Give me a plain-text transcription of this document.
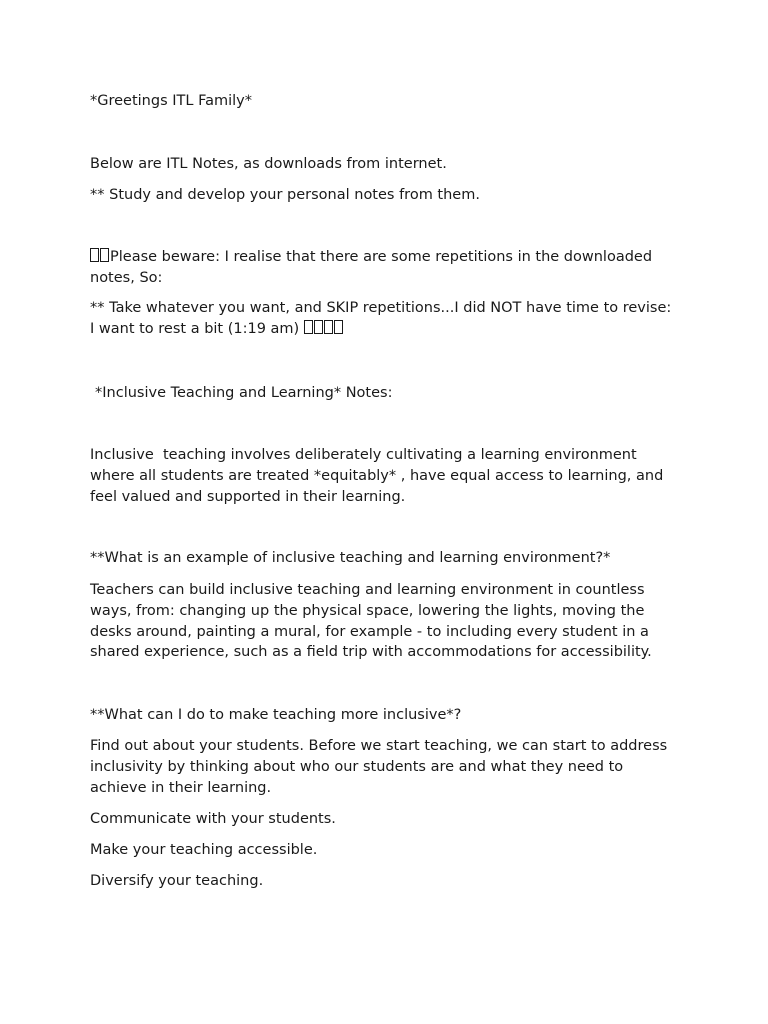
*Greetings ITL Family*

Below are ITL Notes, as downloads from internet.

** Study and develop your personal notes from them.

Please beware: I realise that there are some repetitions in the downloaded notes, So:

** Take whatever you want, and SKIP repetitions...I did NOT have time to revise: I want to rest a bit (1:19 am)

*Inclusive Teaching and Learning* Notes:

Inclusive  teaching involves deliberately cultivating a learning environment where all students are treated *equitably* , have equal access to learning, and feel valued and supported in their learning.

**What is an example of inclusive teaching and learning environment?*

Teachers can build inclusive teaching and learning environment in countless ways, from: changing up the physical space, lowering the lights, moving the desks around, painting a mural, for example - to including every student in a shared experience, such as a field trip with accommodations for accessibility.

**What can I do to make teaching more inclusive*?

Find out about your students. Before we start teaching, we can start to address inclusivity by thinking about who our students are and what they need to achieve in their learning.

Communicate with your students.

Make your teaching accessible.

Diversify your teaching.
